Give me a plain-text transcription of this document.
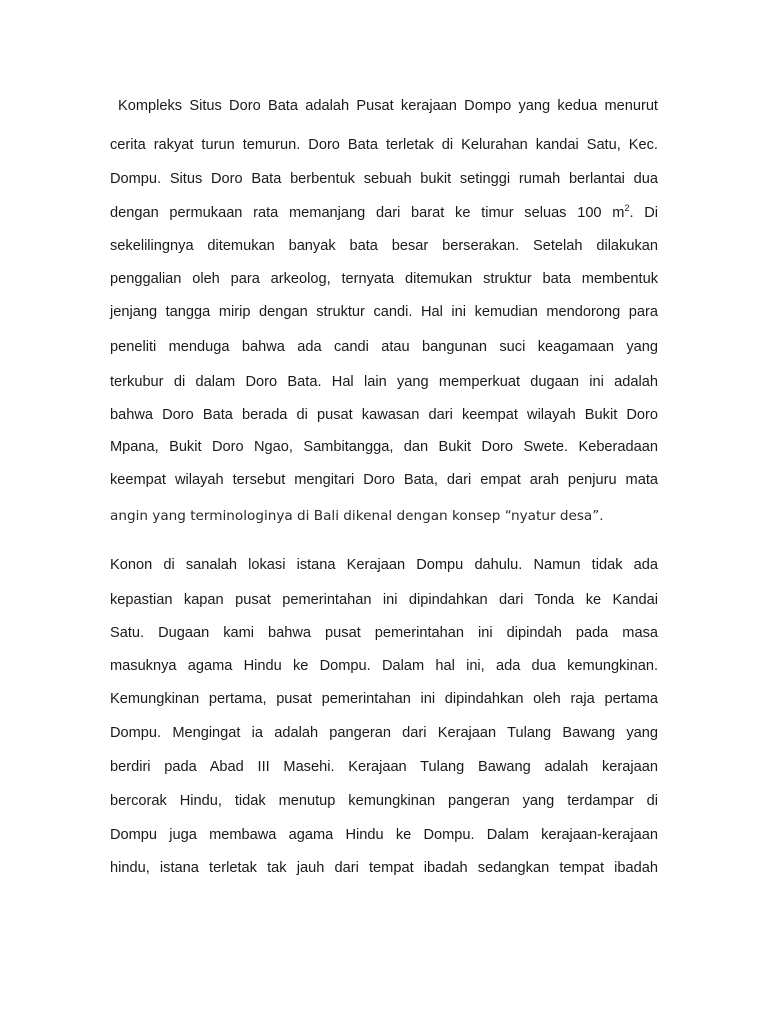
Kompleks Situs Doro Bata adalah Pusat kerajaan Dompo yang kedua menurut
cerita rakyat turun temurun. Doro Bata terletak di Kelurahan kandai Satu, Kec.
Dompu. Situs Doro Bata berbentuk sebuah bukit setinggi rumah berlantai dua
dengan permukaan rata memanjang dari barat ke timur seluas 100 $m^2$. Di
sekelilingnya ditemukan banyak bata besar berserakan. Setelah dilakukan
penggalian oleh para arkeolog, ternyata ditemukan struktur bata membentuk
jenjang tangga mirip dengan struktur candi. Hal ini kemudian mendorong para
peneliti menduga bahwa ada candi atau bangunan suci keagamaan yang
terkubur di dalam Doro Bata. Hal lain yang memperkuat dugaan ini adalah
bahwa Doro Bata berada di pusat kawasan dari keempat wilayah Bukit Doro
Mpana, Bukit Doro Ngao, Sambitangga, dan Bukit Doro Swete. Keberadaan
keempat wilayah tersebut mengitari Doro Bata, dari empat arah penjuru mata
angin yang terminologinya di Bali dikenal dengan konsep “nyatur desa”.
Konon di sanalah lokasi istana Kerajaan Dompu dahulu. Namun tidak ada
kepastian kapan pusat pemerintahan ini dipindahkan dari Tonda ke Kandai
Satu. Dugaan kami bahwa pusat pemerintahan ini dipindah pada masa
masuknya agama Hindu ke Dompu. Dalam hal ini, ada dua kemungkinan.
Kemungkinan pertama, pusat pemerintahan ini dipindahkan oleh raja pertama
Dompu. Mengingat ia adalah pangeran dari Kerajaan Tulang Bawang yang
berdiri pada Abad III Masehi. Kerajaan Tulang Bawang adalah kerajaan
bercorak Hindu, tidak menutup kemungkinan pangeran yang terdampar di
Dompu juga membawa agama Hindu ke Dompu. Dalam kerajaan-kerajaan
hindu, istana terletak tak jauh dari tempat ibadah sedangkan tempat ibadah
